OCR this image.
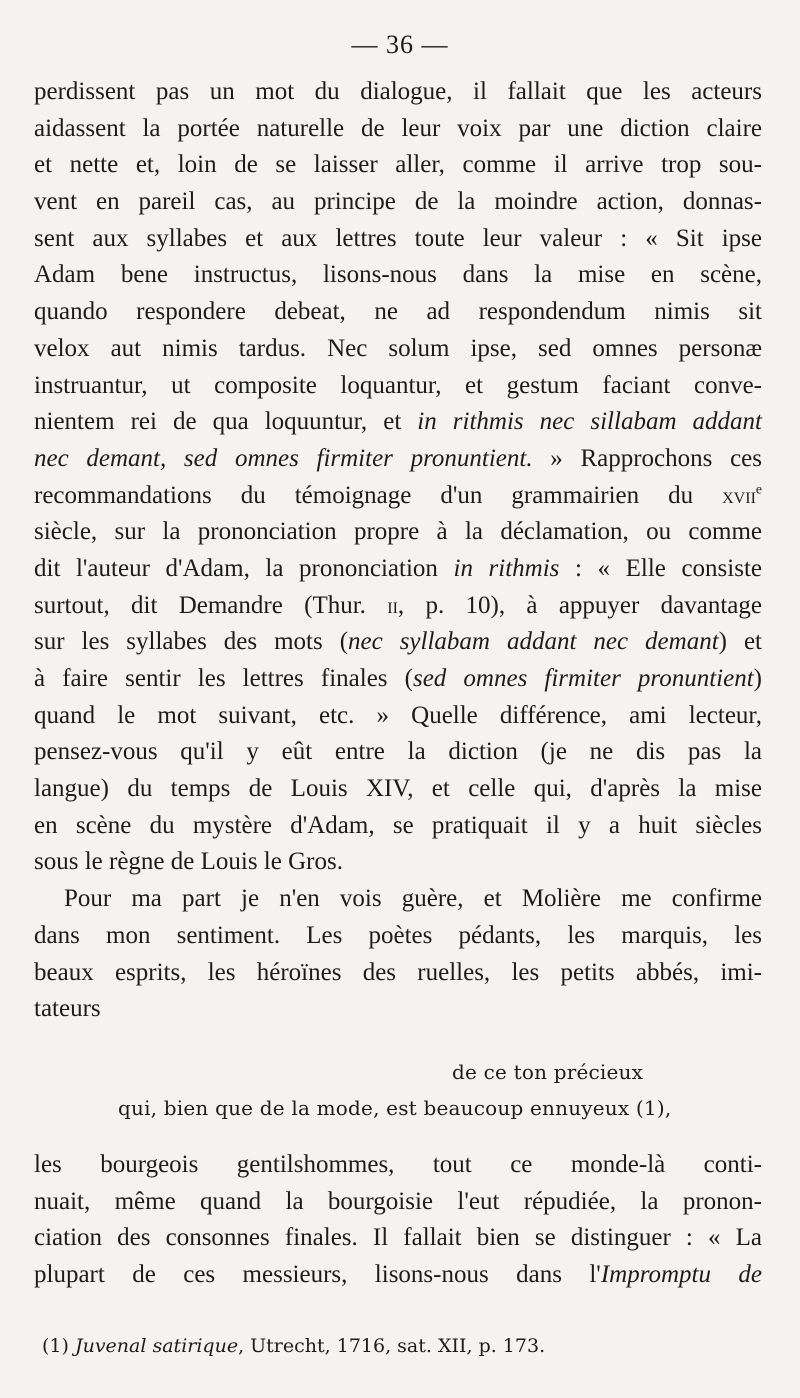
— 36 —
perdissent pas un mot du dialogue, il fallait que les acteurs
aidassent la portée naturelle de leur voix par une diction claire
et nette et, loin de se laisser aller, comme il arrive trop sou-
vent en pareil cas, au principe de la moindre action, donnas-
sent aux syllabes et aux lettres toute leur valeur : « Sit ipse
Adam bene instructus, lisons-nous dans la mise en scène,
quando respondere debeat, ne ad respondendum nimis sit
velox aut nimis tardus. Nec solum ipse, sed omnes personæ
instruantur, ut composite loquantur, et gestum faciant conve-
nientem rei de qua loquuntur, et in rithmis nec sillabam addant
nec demant, sed omnes firmiter pronuntient. » Rapprochons ces
recommandations du témoignage d'un grammairien du xvii$^e$
siècle, sur la prononciation propre à la déclamation, ou comme
dit l'auteur d'Adam, la prononciation in rithmis : « Elle consiste
surtout, dit Demandre (Thur. ii, p. 10), à appuyer davantage
sur les syllabes des mots (nec syllabam addant nec demant) et
à faire sentir les lettres finales (sed omnes firmiter pronuntient)
quand le mot suivant, etc. » Quelle différence, ami lecteur,
pensez-vous qu'il y eût entre la diction (je ne dis pas la
langue) du temps de Louis XIV, et celle qui, d'après la mise
en scène du mystère d'Adam, se pratiquait il y a huit siècles
sous le règne de Louis le Gros.
Pour ma part je n'en vois guère, et Molière me confirme
dans mon sentiment. Les poètes pédants, les marquis, les
beaux esprits, les héroïnes des ruelles, les petits abbés, imi-
tateurs
de ce ton précieux
qui, bien que de la mode, est beaucoup ennuyeux (1),
les bourgeois gentilshommes, tout ce monde-là conti-
nuait, même quand la bourgoisie l'eut répudiée, la pronon-
ciation des consonnes finales. Il fallait bien se distinguer : « La
plupart de ces messieurs, lisons-nous dans l'Impromptu de
(1) Juvenal satirique, Utrecht, 1716, sat. XII, p. 173.
